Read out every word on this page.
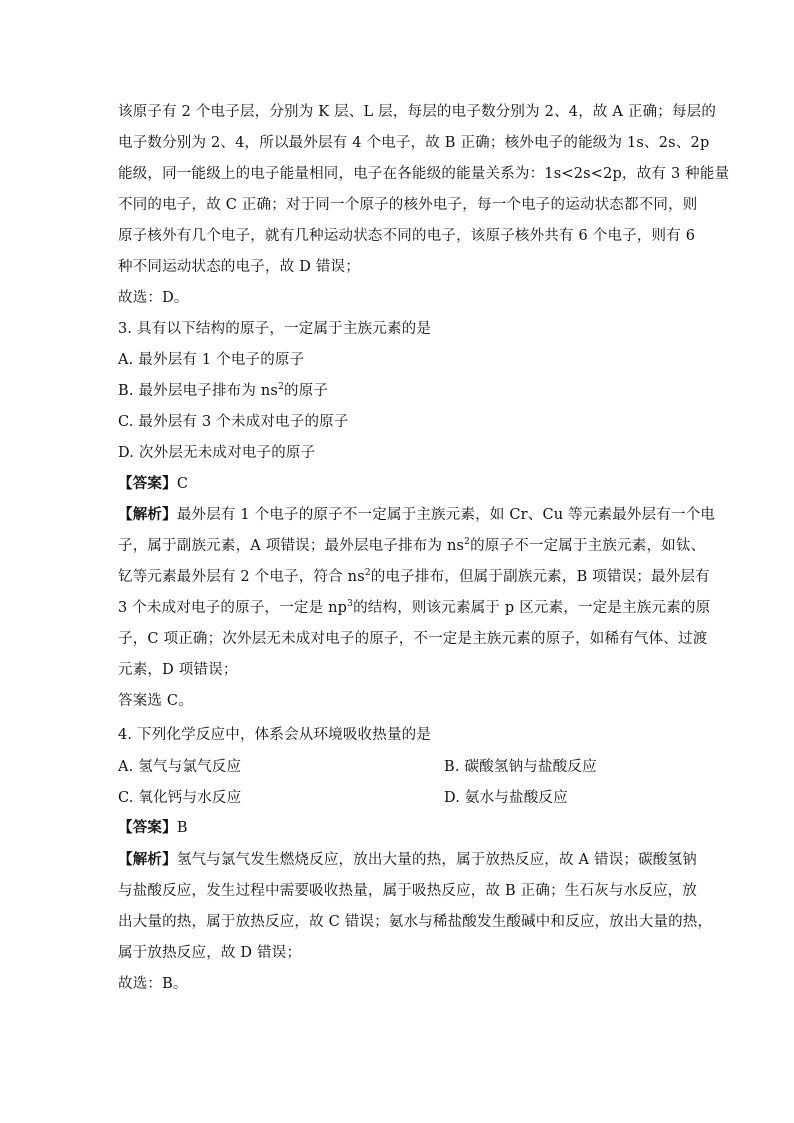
该原子有 2 个电子层，分别为 K 层、L 层，每层的电子数分别为 2、4，故 A 正确；每层的
电子数分别为 2、4，所以最外层有 4 个电子，故 B 正确；核外电子的能级为 1s、2s、2p
能级，同一能级上的电子能量相同，电子在各能级的能量关系为：1s<2s<2p，故有 3 种能量
不同的电子，故 C 正确；对于同一个原子的核外电子，每一个电子的运动状态都不同，则
原子核外有几个电子，就有几种运动状态不同的电子，该原子核外共有 6 个电子，则有 6
种不同运动状态的电子，故 D 错误；
故选：D。
3. 具有以下结构的原子，一定属于主族元素的是
A. 最外层有 1 个电子的原子
B. 最外层电子排布为 $ns^2$的原子
C. 最外层有 3 个未成对电子的原子
D. 次外层无未成对电子的原子
【答案】C
【解析】最外层有 1 个电子的原子不一定属于主族元素，如 Cr、Cu 等元素最外层有一个电
子，属于副族元素，A 项错误；最外层电子排布为 $ns^2$的原子不一定属于主族元素，如钛、
钇等元素最外层有 2 个电子，符合 $ns^2$的电子排布，但属于副族元素，B 项错误；最外层有
3 个未成对电子的原子，一定是 $np^3$的结构，则该元素属于 p 区元素，一定是主族元素的原
子，C 项正确；次外层无未成对电子的原子，不一定是主族元素的原子，如稀有气体、过渡
元素，D 项错误；
答案选 C。
4. 下列化学反应中，体系会从环境吸收热量的是
A. 氢气与氯气反应	B. 碳酸氢钠与盐酸反应
C. 氧化钙与水反应	D. 氨水与盐酸反应
【答案】B
【解析】氢气与氯气发生燃烧反应，放出大量的热，属于放热反应，故 A 错误；碳酸氢钠
与盐酸反应，发生过程中需要吸收热量，属于吸热反应，故 B 正确；生石灰与水反应，放
出大量的热，属于放热反应，故 C 错误；氨水与稀盐酸发生酸碱中和反应，放出大量的热，
属于放热反应，故 D 错误；
故选：B。
